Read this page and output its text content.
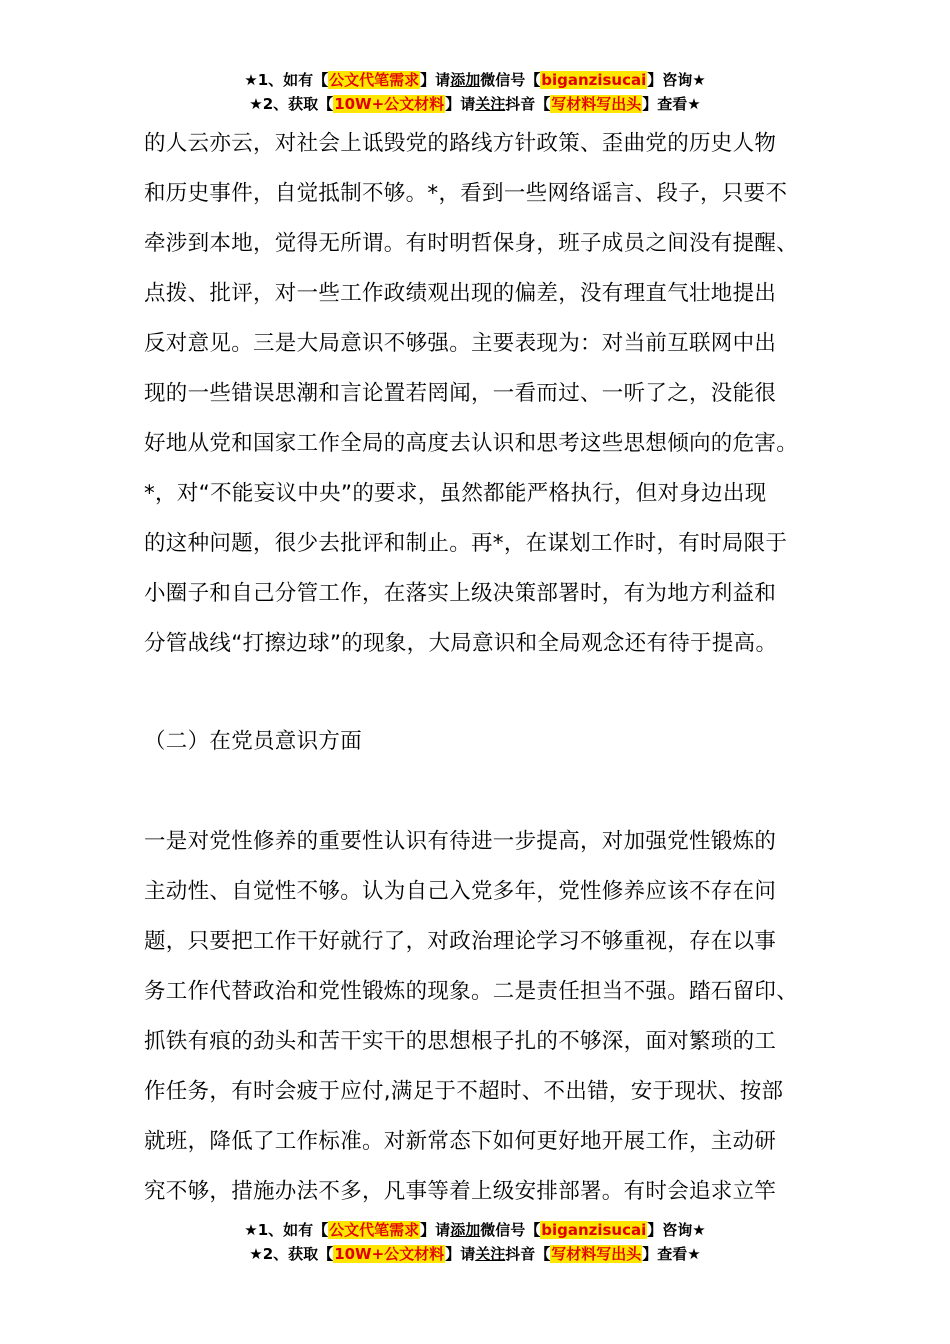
★1、如有【公文代笔需求】请添加微信号【biganzisucai】咨询★
★2、获取【10W+公文材料】请关注抖音【写材料写出头】查看★
的人云亦云，对社会上诋毁党的路线方针政策、歪曲党的历史人物
和历史事件，自觉抵制不够。*，看到一些网络谣言、段子，只要不
牵涉到本地，觉得无所谓。有时明哲保身，班子成员之间没有提醒、
点拨、批评，对一些工作政绩观出现的偏差，没有理直气壮地提出
反对意见。三是大局意识不够强。主要表现为：对当前互联网中出
现的一些错误思潮和言论置若罔闻，一看而过、一听了之，没能很
好地从党和国家工作全局的高度去认识和思考这些思想倾向的危害。
*，对“不能妄议中央”的要求，虽然都能严格执行，但对身边出现
的这种问题，很少去批评和制止。再*，在谋划工作时，有时局限于
小圈子和自己分管工作，在落实上级决策部署时，有为地方利益和
分管战线“打擦边球”的现象，大局意识和全局观念还有待于提高。
（二）在党员意识方面
一是对党性修养的重要性认识有待进一步提高，对加强党性锻炼的
主动性、自觉性不够。认为自己入党多年，党性修养应该不存在问
题，只要把工作干好就行了，对政治理论学习不够重视，存在以事
务工作代替政治和党性锻炼的现象。二是责任担当不强。踏石留印、
抓铁有痕的劲头和苦干实干的思想根子扎的不够深，面对繁琐的工
作任务，有时会疲于应付,满足于不超时、不出错，安于现状、按部
就班，降低了工作标准。对新常态下如何更好地开展工作，主动研
究不够，措施办法不多，凡事等着上级安排部署。有时会追求立竿
★1、如有【公文代笔需求】请添加微信号【biganzisucai】咨询★
★2、获取【10W+公文材料】请关注抖音【写材料写出头】查看★
